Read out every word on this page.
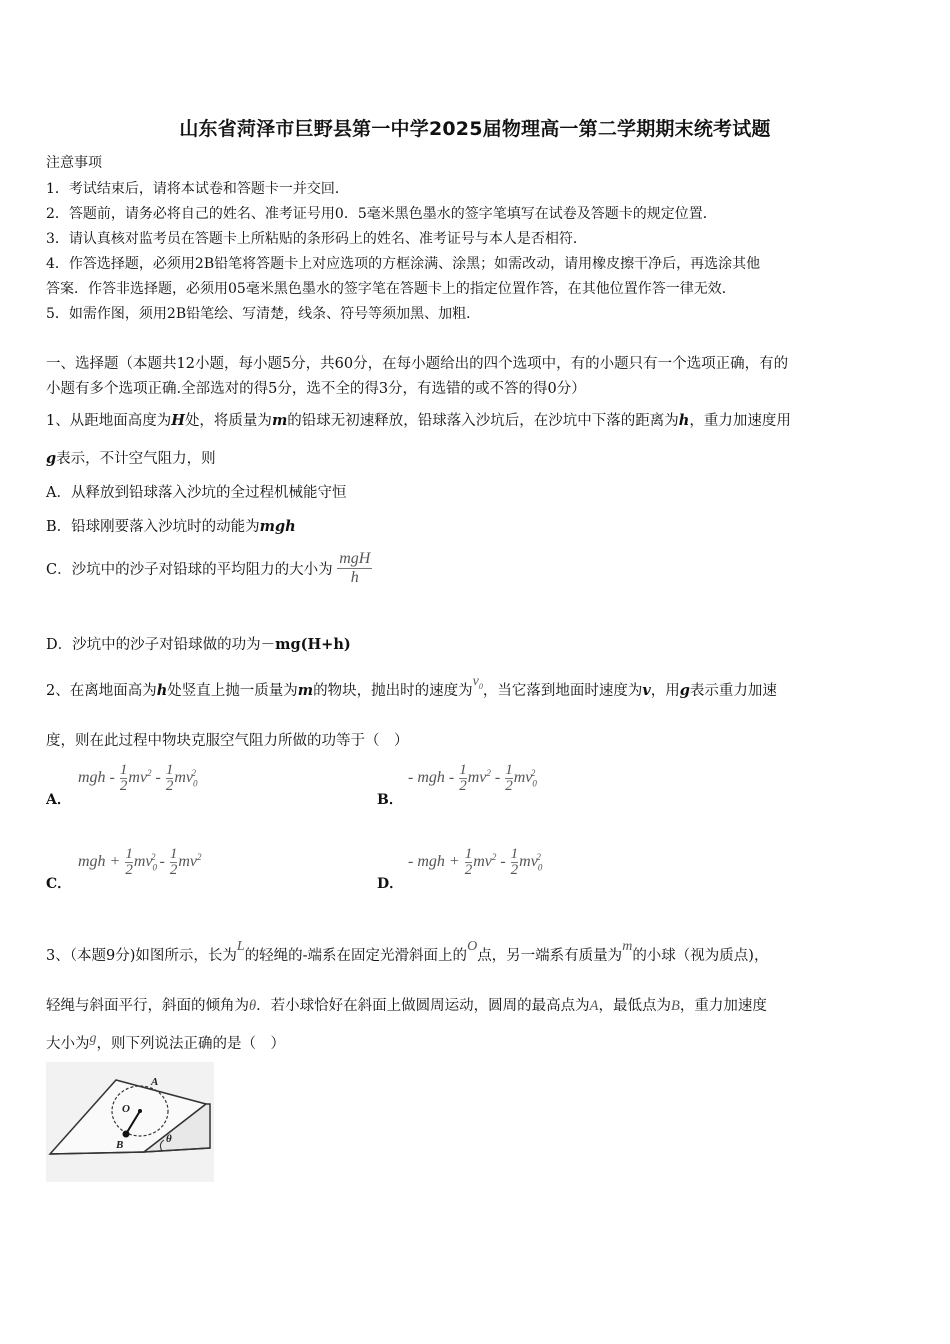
山东省菏泽市巨野县第一中学2025届物理高一第二学期期末统考试题
注意事项
1．考试结束后，请将本试卷和答题卡一并交回．
2．答题前，请务必将自己的姓名、准考证号用0．5毫米黑色墨水的签字笔填写在试卷及答题卡的规定位置．
3．请认真核对监考员在答题卡上所粘贴的条形码上的姓名、准考证号与本人是否相符．
4．作答选择题，必须用2B铅笔将答题卡上对应选项的方框涂满、涂黑；如需改动，请用橡皮擦干净后，再选涂其他
答案．作答非选择题，必须用05毫米黑色墨水的签字笔在答题卡上的指定位置作答，在其他位置作答一律无效．
5．如需作图，须用2B铅笔绘、写清楚，线条、符号等须加黑、加粗．
一、选择题（本题共12小题，每小题5分，共60分，在每小题给出的四个选项中，有的小题只有一个选项正确，有的
小题有多个选项正确.全部选对的得5分，选不全的得3分，有选错的或不答的得0分）
1、从距地面高度为H处，将质量为m的铅球无初速释放，铅球落入沙坑后，在沙坑中下落的距离为h，重力加速度用
g表示，不计空气阻力，则
A．从释放到铅球落入沙坑的全过程机械能守恒
B．铅球刚要落入沙坑时的动能为mgh
C．沙坑中的沙子对铅球的平均阻力的大小为 $\frac{\text{mgH}}{h}$
D．沙坑中的沙子对铅球做的功为－mg(H+h)
2、在离地面高为h处竖直上抛一质量为m的物块，抛出时的速度为$v_0$，当它落到地面时速度为v，用g表示重力加速
度，则在此过程中物块克服空气阻力所做的功等于（　）
A．
mgh - $\frac{1}{2} mv^2 - \frac{1}{2} mv_0^2$
B．
- mgh - $\frac{1}{2} mv^2 - \frac{1}{2} mv_0^2$
C．
mgh + $\frac{1}{2} mv_0^2 - \frac{1}{2} mv^2$
D．
- mgh + $\frac{1}{2} mv^2 - \frac{1}{2} mv_0^2$
3、（本题9分)如图所示，长为L的轻绳的-端系在固定光滑斜面上的O点，另一端系有质量为m的小球（视为质点)，
轻绳与斜面平行，斜面的倾角为θ．若小球恰好在斜面上做圆周运动，圆周的最高点为A，最低点为B，重力加速度
大小为g，则下列说法正确的是（　）
A
O
B	θ
